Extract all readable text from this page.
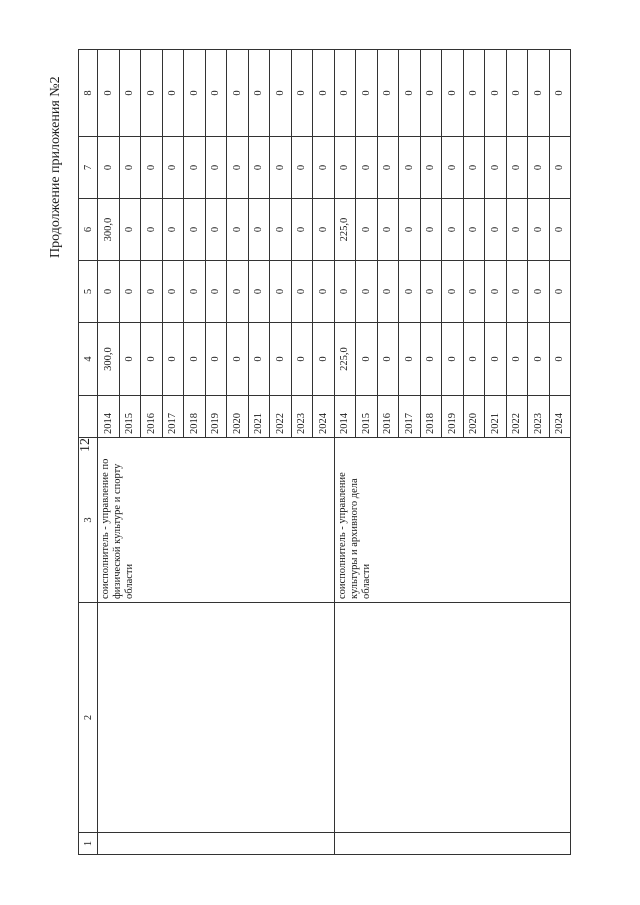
12
Продолжение приложения №2
1	2	3		4	5	6	7	8
		соисполнитель - управление по физической культуре и спорту области	2014	300,0	0	300,0	0	0
			2015	0	0	0	0	0
			2016	0	0	0	0	0
			2017	0	0	0	0	0
			2018	0	0	0	0	0
			2019	0	0	0	0	0
			2020	0	0	0	0	0
			2021	0	0	0	0	0
			2022	0	0	0	0	0
			2023	0	0	0	0	0
			2024	0	0	0	0	0
		соисполнитель - управление культуры и архивного дела области	2014	225,0	0	225,0	0	0
			2015	0	0	0	0	0
			2016	0	0	0	0	0
			2017	0	0	0	0	0
			2018	0	0	0	0	0
			2019	0	0	0	0	0
			2020	0	0	0	0	0
			2021	0	0	0	0	0
			2022	0	0	0	0	0
			2023	0	0	0	0	0
			2024	0	0	0	0	0
